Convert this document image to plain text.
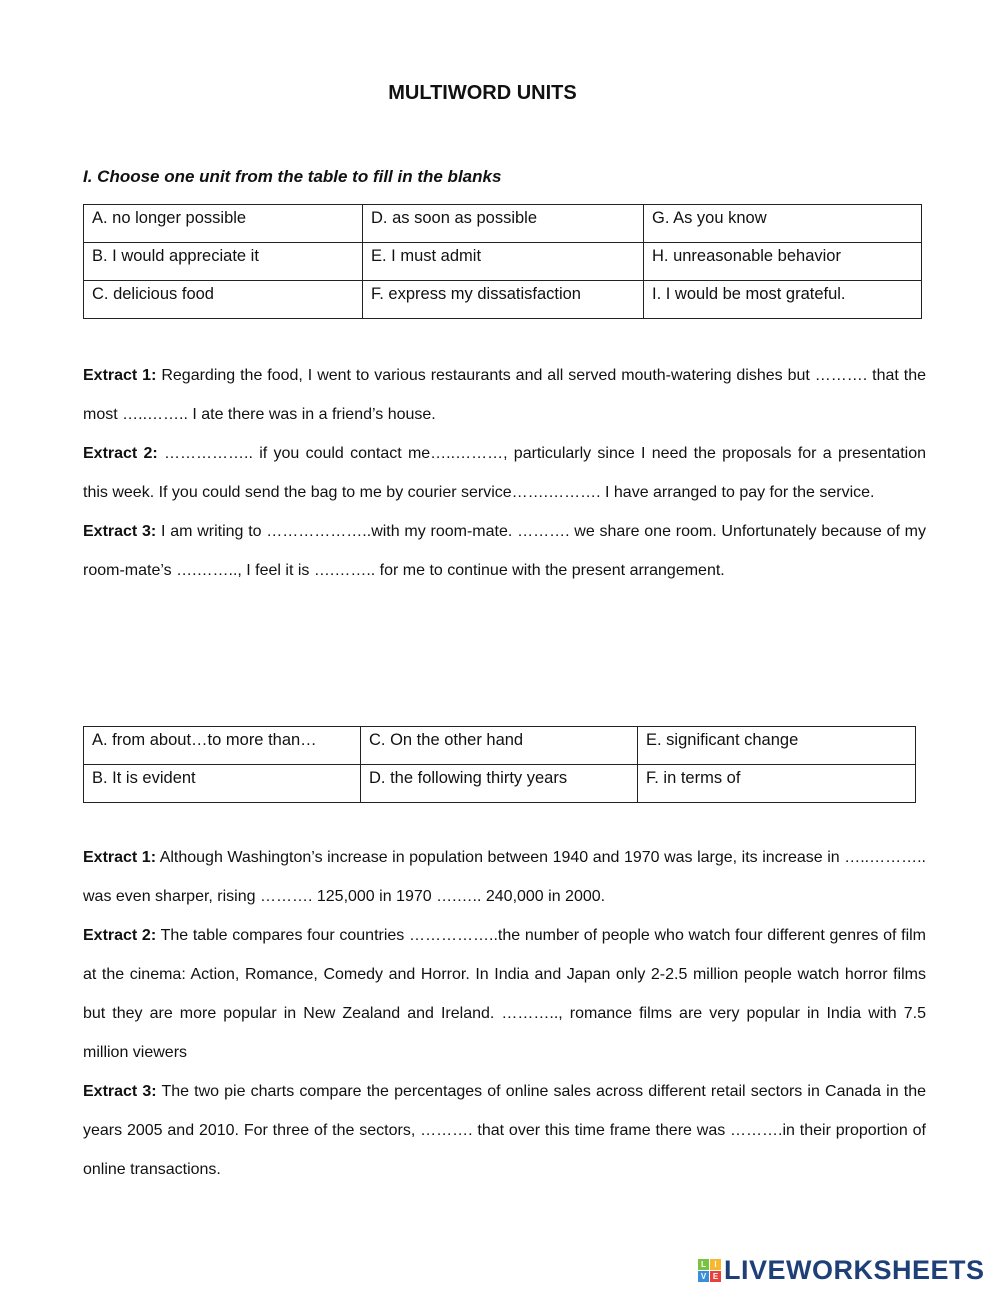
MULTIWORD UNITS
I. Choose one unit from the table to fill in the blanks
A. no longer possible	D. as soon as possible	G. As you know
B. I would appreciate it	E. I must admit	H. unreasonable behavior
C. delicious food	F. express my dissatisfaction	I. I would be most grateful.

Extract 1: Regarding the food, I went to various restaurants and all served mouth-watering dishes but ………. that the most …..…….. I ate there was in a friend’s house.

Extract 2: …………….. if you could contact me…..………, particularly since I need the proposals for a presentation this week. If you could send the bag to me by courier service…….………. I have arranged to pay for the service.

Extract 3: I am writing to ………………..with my room-mate. ………. we share one room. Unfortunately because of my room-mate’s ….…….., I feel it is ….…….. for me to continue with the present arrangement.

A. from about…to more than…	C. On the other hand	E. significant change
B. It is evident	D. the following thirty years	F. in terms of

Extract 1: Although Washington’s increase in population between 1940 and 1970 was large, its increase in …..……….. was even sharper, rising ………. 125,000 in 1970 ….….. 240,000 in 2000.

Extract 2: The table compares four countries ……………..the number of people who watch four different genres of film at the cinema: Action, Romance, Comedy and Horror. In India and Japan only 2-2.5 million people watch horror films but they are more popular in New Zealand and Ireland. ……….., romance films are very popular in India with 7.5 million viewers

Extract 3: The two pie charts compare the percentages of online sales across different retail sectors in Canada in the years 2005 and 2010. For three of the sectors, ………. that over this time frame there was ……….in their proportion of online transactions.

L	I
V E LIVEWORKSHEETS
